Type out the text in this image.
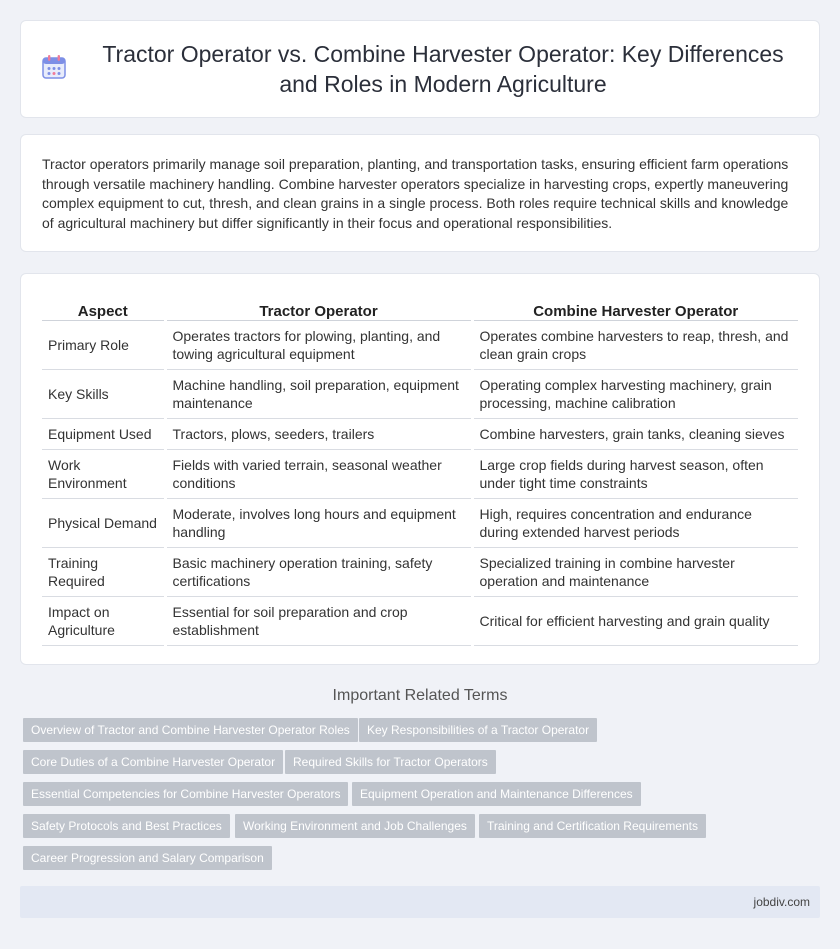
Tractor Operator vs. Combine Harvester Operator: Key Differences and Roles in Modern Agriculture

Tractor operators primarily manage soil preparation, planting, and transportation tasks, ensuring efficient farm operations through versatile machinery handling. Combine harvester operators specialize in harvesting crops, expertly maneuvering complex equipment to cut, thresh, and clean grains in a single process. Both roles require technical skills and knowledge of agricultural machinery but differ significantly in their focus and operational responsibilities.

Aspect	Tractor Operator	Combine Harvester Operator
Primary Role	Operates tractors for plowing, planting, and towing agricultural equipment	Operates combine harvesters to reap, thresh, and clean grain crops
Key Skills	Machine handling, soil preparation, equipment maintenance	Operating complex harvesting machinery, grain processing, machine calibration
Equipment Used	Tractors, plows, seeders, trailers	Combine harvesters, grain tanks, cleaning sieves
Work Environment	Fields with varied terrain, seasonal weather conditions	Large crop fields during harvest season, often under tight time constraints
Physical Demand	Moderate, involves long hours and equipment handling	High, requires concentration and endurance during extended harvest periods
Training Required	Basic machinery operation training, safety certifications	Specialized training in combine harvester operation and maintenance
Impact on Agriculture	Essential for soil preparation and crop establishment	Critical for efficient harvesting and grain quality
Important Related Terms
Overview of Tractor and Combine Harvester Operator Roles	Key Responsibilities of a Tractor Operator
Core Duties of a Combine Harvester Operator	Required Skills for Tractor Operators
Essential Competencies for Combine Harvester Operators	Equipment Operation and Maintenance Differences
Safety Protocols and Best Practices	Working Environment and Job Challenges	Training and Certification Requirements
Career Progression and Salary Comparison
jobdiv.com
